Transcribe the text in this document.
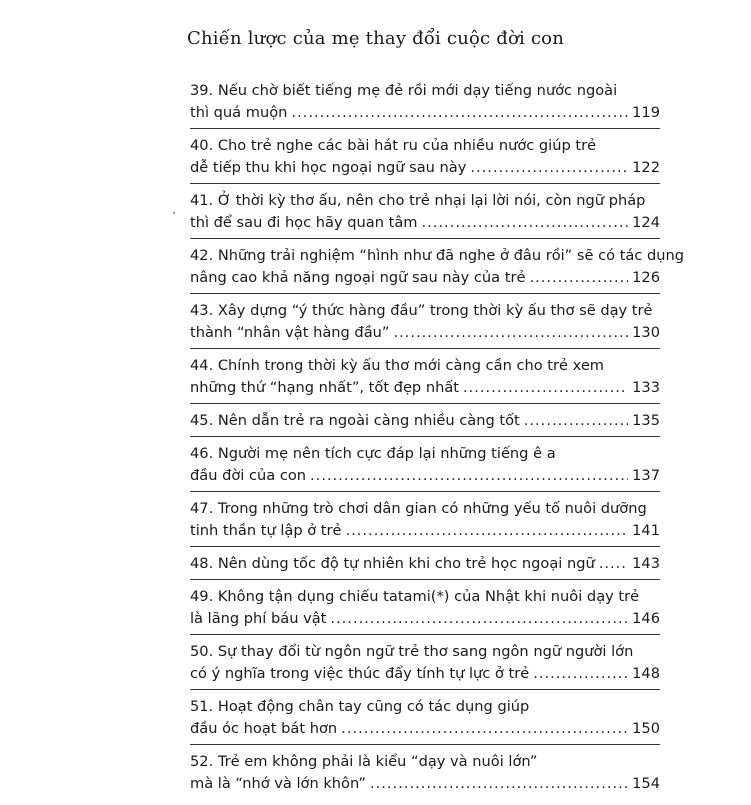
Chiến lược của mẹ thay đổi cuộc đời con
39. Nếu chờ biết tiếng mẹ đẻ rồi mới dạy tiếng nước ngoài
thì quá muộn .....	119
40. Cho trẻ nghe các bài hát ru của nhiều nước giúp trẻ
dễ tiếp thu khi học ngoại ngữ sau này .....	122
41. Ở thời kỳ thơ ấu, nên cho trẻ nhại lại lời nói, còn ngữ pháp
thì để sau đi học hãy quan tâm .....	124
42. Những trải nghiệm “hình như đã nghe ở đâu rồi” sẽ có tác dụng
nâng cao khả năng ngoại ngữ sau này của trẻ .....	126
43. Xây dựng “ý thức hàng đầu” trong thời kỳ ấu thơ sẽ dạy trẻ
thành “nhân vật hàng đầu” .....	130
44. Chính trong thời kỳ ấu thơ mới càng cần cho trẻ xem
những thứ “hạng nhất”, tốt đẹp nhất .....	133
45. Nên dẫn trẻ ra ngoài càng nhiều càng tốt .....	135
46. Người mẹ nên tích cực đáp lại những tiếng ê a
đầu đời của con .....	137
47. Trong những trò chơi dân gian có những yếu tố nuôi dưỡng
tinh thần tự lập ở trẻ .....	141
48. Nên dùng tốc độ tự nhiên khi cho trẻ học ngoại ngữ .....	143
49. Không tận dụng chiếu tatami(*) của Nhật khi nuôi dạy trẻ
là lãng phí báu vật .....	146
50. Sự thay đổi từ ngôn ngữ trẻ thơ sang ngôn ngữ người lớn
có ý nghĩa trong việc thúc đẩy tính tự lực ở trẻ .....	148
51. Hoạt động chân tay cũng có tác dụng giúp
đầu óc hoạt bát hơn .....	150
52. Trẻ em không phải là kiểu “dạy và nuôi lớn”
mà là “nhớ và lớn khôn” .....	154
